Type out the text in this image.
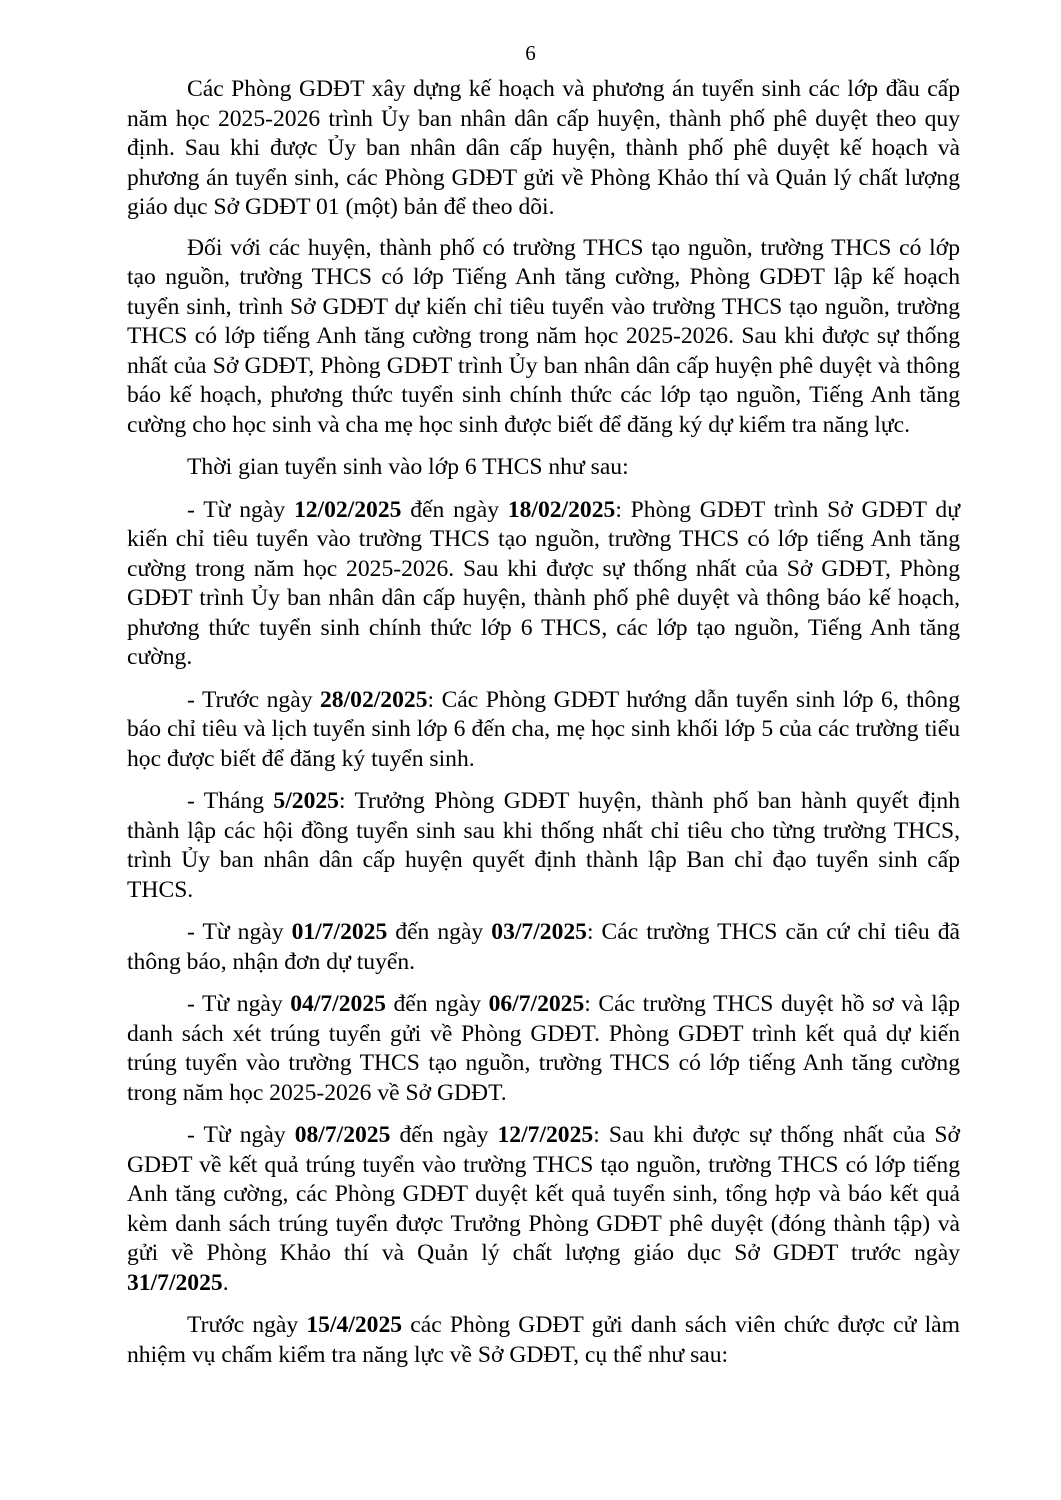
6

Các Phòng GDĐT xây dựng kế hoạch và phương án tuyển sinh các lớp đầu cấp năm học 2025-2026 trình Ủy ban nhân dân cấp huyện, thành phố phê duyệt theo quy định. Sau khi được Ủy ban nhân dân cấp huyện, thành phố phê duyệt kế hoạch và phương án tuyển sinh, các Phòng GDĐT gửi về Phòng Khảo thí và Quản lý chất lượng giáo dục Sở GDĐT 01 (một) bản để theo dõi.

Đối với các huyện, thành phố có trường THCS tạo nguồn, trường THCS có lớp tạo nguồn, trường THCS có lớp Tiếng Anh tăng cường, Phòng GDĐT lập kế hoạch tuyển sinh, trình Sở GDĐT dự kiến chỉ tiêu tuyển vào trường THCS tạo nguồn, trường THCS có lớp tiếng Anh tăng cường trong năm học 2025-2026. Sau khi được sự thống nhất của Sở GDĐT, Phòng GDĐT trình Ủy ban nhân dân cấp huyện phê duyệt và thông báo kế hoạch, phương thức tuyển sinh chính thức các lớp tạo nguồn, Tiếng Anh tăng cường cho học sinh và cha mẹ học sinh được biết để đăng ký dự kiểm tra năng lực.

Thời gian tuyển sinh vào lớp 6 THCS như sau:

- Từ ngày 12/02/2025 đến ngày 18/02/2025: Phòng GDĐT trình Sở GDĐT dự kiến chỉ tiêu tuyển vào trường THCS tạo nguồn, trường THCS có lớp tiếng Anh tăng cường trong năm học 2025-2026. Sau khi được sự thống nhất của Sở GDĐT, Phòng GDĐT trình Ủy ban nhân dân cấp huyện, thành phố phê duyệt và thông báo kế hoạch, phương thức tuyển sinh chính thức lớp 6 THCS, các lớp tạo nguồn, Tiếng Anh tăng cường.

- Trước ngày 28/02/2025: Các Phòng GDĐT hướng dẫn tuyển sinh lớp 6, thông báo chỉ tiêu và lịch tuyển sinh lớp 6 đến cha, mẹ học sinh khối lớp 5 của các trường tiểu học được biết để đăng ký tuyển sinh.

- Tháng 5/2025: Trưởng Phòng GDĐT huyện, thành phố ban hành quyết định thành lập các hội đồng tuyển sinh sau khi thống nhất chỉ tiêu cho từng trường THCS, trình Ủy ban nhân dân cấp huyện quyết định thành lập Ban chỉ đạo tuyển sinh cấp THCS.

- Từ ngày 01/7/2025 đến ngày 03/7/2025: Các trường THCS căn cứ chỉ tiêu đã thông báo, nhận đơn dự tuyển.

- Từ ngày 04/7/2025 đến ngày 06/7/2025: Các trường THCS duyệt hồ sơ và lập danh sách xét trúng tuyển gửi về Phòng GDĐT. Phòng GDĐT trình kết quả dự kiến trúng tuyển vào trường THCS tạo nguồn, trường THCS có lớp tiếng Anh tăng cường trong năm học 2025-2026 về Sở GDĐT.

- Từ ngày 08/7/2025 đến ngày 12/7/2025: Sau khi được sự thống nhất của Sở GDĐT về kết quả trúng tuyển vào trường THCS tạo nguồn, trường THCS có lớp tiếng Anh tăng cường, các Phòng GDĐT duyệt kết quả tuyển sinh, tổng hợp và báo kết quả kèm danh sách trúng tuyển được Trưởng Phòng GDĐT phê duyệt (đóng thành tập) và gửi về Phòng Khảo thí và Quản lý chất lượng giáo dục Sở GDĐT trước ngày 31/7/2025.

Trước ngày 15/4/2025 các Phòng GDĐT gửi danh sách viên chức được cử làm nhiệm vụ chấm kiểm tra năng lực về Sở GDĐT, cụ thể như sau:
